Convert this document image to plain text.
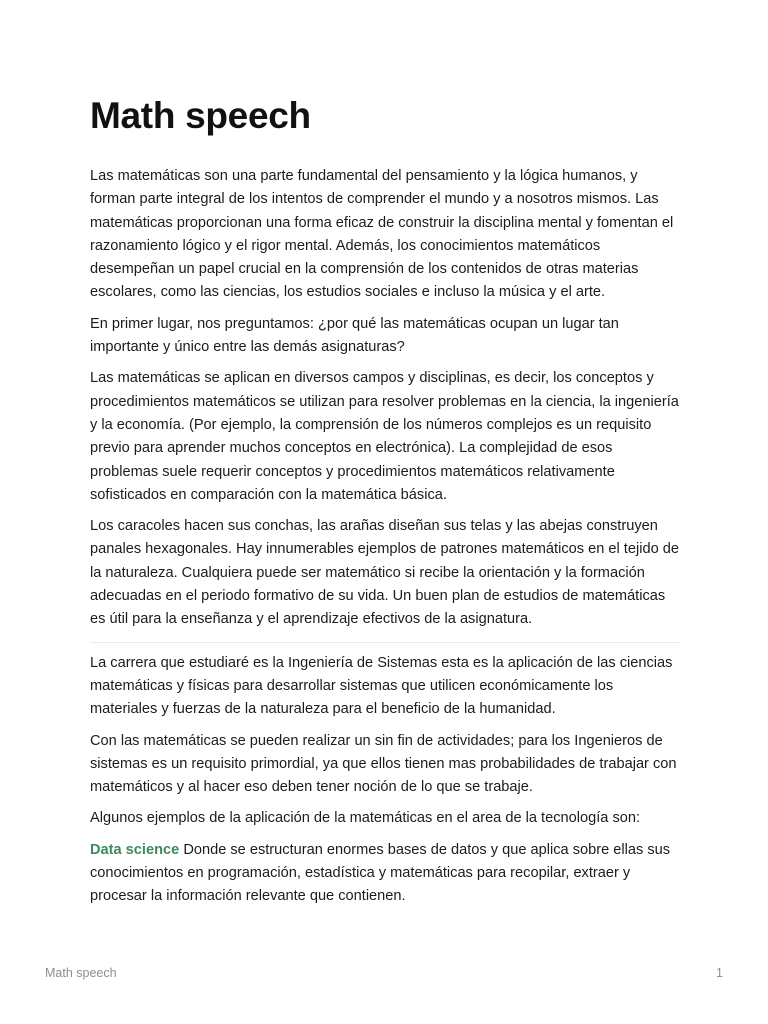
Math speech

Las matemáticas son una parte fundamental del pensamiento y la lógica humanos, y forman parte integral de los intentos de comprender el mundo y a nosotros mismos. Las matemáticas proporcionan una forma eficaz de construir la disciplina mental y fomentan el razonamiento lógico y el rigor mental. Además, los conocimientos matemáticos desempeñan un papel crucial en la comprensión de los contenidos de otras materias escolares, como las ciencias, los estudios sociales e incluso la música y el arte.

En primer lugar, nos preguntamos: ¿por qué las matemáticas ocupan un lugar tan importante y único entre las demás asignaturas?

Las matemáticas se aplican en diversos campos y disciplinas, es decir, los conceptos y procedimientos matemáticos se utilizan para resolver problemas en la ciencia, la ingeniería y la economía. (Por ejemplo, la comprensión de los números complejos es un requisito previo para aprender muchos conceptos en electrónica). La complejidad de esos problemas suele requerir conceptos y procedimientos matemáticos relativamente sofisticados en comparación con la matemática básica.

Los caracoles hacen sus conchas, las arañas diseñan sus telas y las abejas construyen panales hexagonales. Hay innumerables ejemplos de patrones matemáticos en el tejido de la naturaleza. Cualquiera puede ser matemático si recibe la orientación y la formación adecuadas en el periodo formativo de su vida. Un buen plan de estudios de matemáticas es útil para la enseñanza y el aprendizaje efectivos de la asignatura.

La carrera que estudiaré es la Ingeniería de Sistemas esta es la aplicación de las ciencias matemáticas y físicas para desarrollar sistemas que utilicen económicamente los materiales y fuerzas de la naturaleza para el beneficio de la humanidad.

Con las matemáticas se pueden realizar un sin fin de actividades; para los Ingenieros de sistemas es un requisito primordial, ya que ellos tienen mas probabilidades de trabajar con matemáticos y al hacer eso deben tener noción de lo que se trabaje.

Algunos ejemplos de la aplicación de la matemáticas en el area de la tecnología son:

Data science Donde se estructuran enormes bases de datos y que aplica sobre ellas sus conocimientos en programación, estadística y matemáticas para recopilar, extraer y procesar la información relevante que contienen.

Math speech	1
